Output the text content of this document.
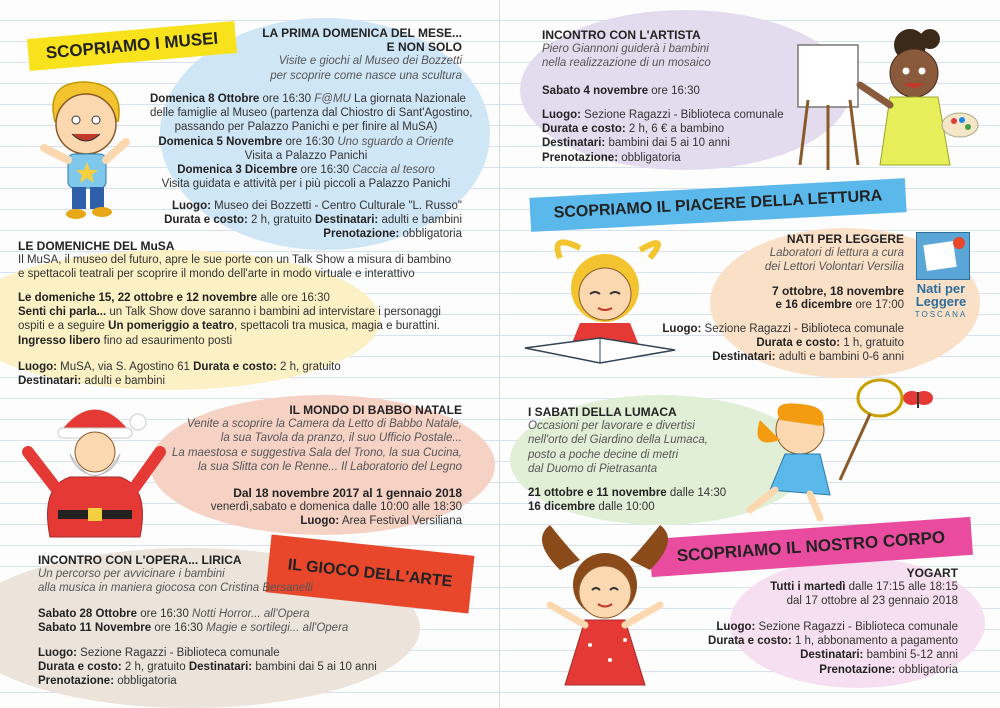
SCOPRIAMO I MUSEI	LA PRIMA DOMENICA DEL MESE...
E NON SOLO
Visite e giochi al Museo dei Bozzetti
per scoprire come nasce una scultura
Domenica 8 Ottobre ore 16:30 F@MU La giornata Nazionale
delle famiglie al Museo (partenza dal Chiostro di Sant'Agostino,
passando per Palazzo Panichi e per finire al MuSA)
Domenica 5 Novembre ore 16:30 Uno sguardo a Oriente
Visita a Palazzo Panichi
Domenica 3 Dicembre ore 16:30 Caccia al tesoro
Visita guidata e attività per i più piccoli a Palazzo Panichi
Luogo: Museo dei Bozzetti - Centro Culturale "L. Russo"
Durata e costo: 2 h, gratuito Destinatari: adulti e bambini
Prenotazione: obbligatoria
LE DOMENICHE DEL MuSA
Il MuSA, il museo del futuro, apre le sue porte con un Talk Show a misura di bambino
e spettacoli teatrali per scoprire il mondo dell'arte in modo virtuale e interattivo
Le domeniche 15, 22 ottobre e 12 novembre alle ore 16:30
Senti chi parla... un Talk Show dove saranno i bambini ad intervistare i personaggi
ospiti e a seguire Un pomeriggio a teatro, spettacoli tra musica, magia e burattini.
Ingresso libero fino ad esaurimento posti
Luogo: MuSA, via S. Agostino 61 Durata e costo: 2 h, gratuito
Destinatari: adulti e bambini
IL MONDO DI BABBO NATALE
Venite a scoprire la Camera da Letto di Babbo Natale,
la sua Tavola da pranzo, il suo Ufficio Postale...
La maestosa e suggestiva Sala del Trono, la sua Cucina,
la sua Slitta con le Renne... Il Laboratorio del Legno
Dal 18 novembre 2017 al 1 gennaio 2018
venerdì,sabato e domenica dalle 10:00 alle 18:30
Luogo: Area Festival Versiliana
IL GIOCO DELL'ARTE
INCONTRO CON L'OPERA... LIRICA
Un percorso per avvicinare i bambini
alla musica in maniera giocosa con Cristina Bersanelli
Sabato 28 Ottobre ore 16:30 Notti Horror... all'Opera
Sabato 11 Novembre ore 16:30 Magie e sortilegi... all'Opera
Luogo: Sezione Ragazzi - Biblioteca comunale
Durata e costo: 2 h, gratuito Destinatari: bambini dai 5 ai 10 anni
Prenotazione: obbligatoria
INCONTRO CON L'ARTISTA
Piero Giannoni guiderà i bambini
nella realizzazione di un mosaico
Sabato 4 novembre ore 16:30
Luogo: Sezione Ragazzi - Biblioteca comunale
Durata e costo: 2 h, 6 € a bambino
Destinatari: bambini dai 5 ai 10 anni
Prenotazione: obbligatoria
SCOPRIAMO IL PIACERE DELLA LETTURA
NATI PER LEGGERE
Laboratori di lettura a cura
dei Lettori Volontari Versilia
7 ottobre, 18 novembre
e 16 dicembre ore 17:00
Luogo: Sezione Ragazzi - Biblioteca comunale
Durata e costo: 1 h, gratuito
Destinatari: adulti e bambini 0-6 anni
Nati per
Leggere
TOSCANA
I SABATI DELLA LUMACA
Occasioni per lavorare e divertisi
nell'orto del Giardino della Lumaca,
posto a poche decine di metri
dal Duomo di Pietrasanta
21 ottobre e 11 novembre dalle 14:30
16 dicembre dalle 10:00
SCOPRIAMO IL NOSTRO CORPO
YOGART
Tutti i martedì dalle 17:15 alle 18:15
dal 17 ottobre al 23 gennaio 2018
Luogo: Sezione Ragazzi - Biblioteca comunale
Durata e costo: 1 h, abbonamento a pagamento
Destinatari: bambini 5-12 anni
Prenotazione: obbligatoria
